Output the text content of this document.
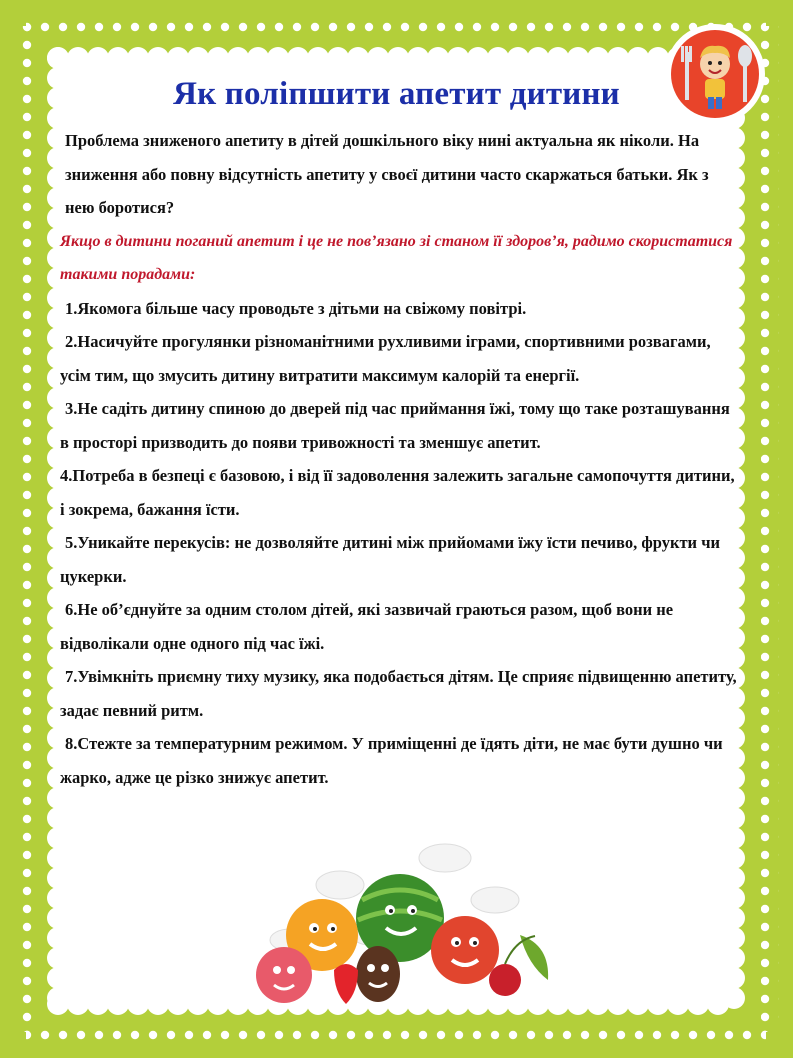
Як поліпшити апетит дитини

Проблема зниженого апетиту в дітей дошкільного віку нині актуальна як ніколи. На зниження або повну відсутність апетиту у своєї дитини часто скаржаться батьки. Як з нею боротися?

Якщо в дитини поганий апетит і це не пов’язано зі станом її здоров’я, радимо скористатися такими порадами:

1.Якомога більше часу проводьте з дітьми на свіжому повітрі.

2.Насичуйте прогулянки різноманітними рухливими іграми, спортивними розвагами, усім тим, що змусить дитину витратити максимум калорій та енергії.

3.Не садіть дитину спиною до дверей під час приймання їжі, тому що таке розташування в просторі призводить до появи тривожності та зменшує апетит.

4.Потреба в безпеці є базовою, і від її задоволення залежить загальне самопочуття дитини, і зокрема, бажання їсти.

5.Уникайте перекусів: не дозволяйте дитині між прийомами їжу їсти печиво, фрукти чи цукерки.

6.Не об’єднуйте за одним столом дітей, які зазвичай граються разом, щоб вони не відволікали одне одного під час їжі.

7.Увімкніть приємну тиху музику, яка подобається дітям. Це сприяє підвищенню апетиту, задає певний ритм.

8.Стежте за температурним режимом. У приміщенні де їдять діти, не має бути душно чи жарко, адже це різко знижує апетит.
